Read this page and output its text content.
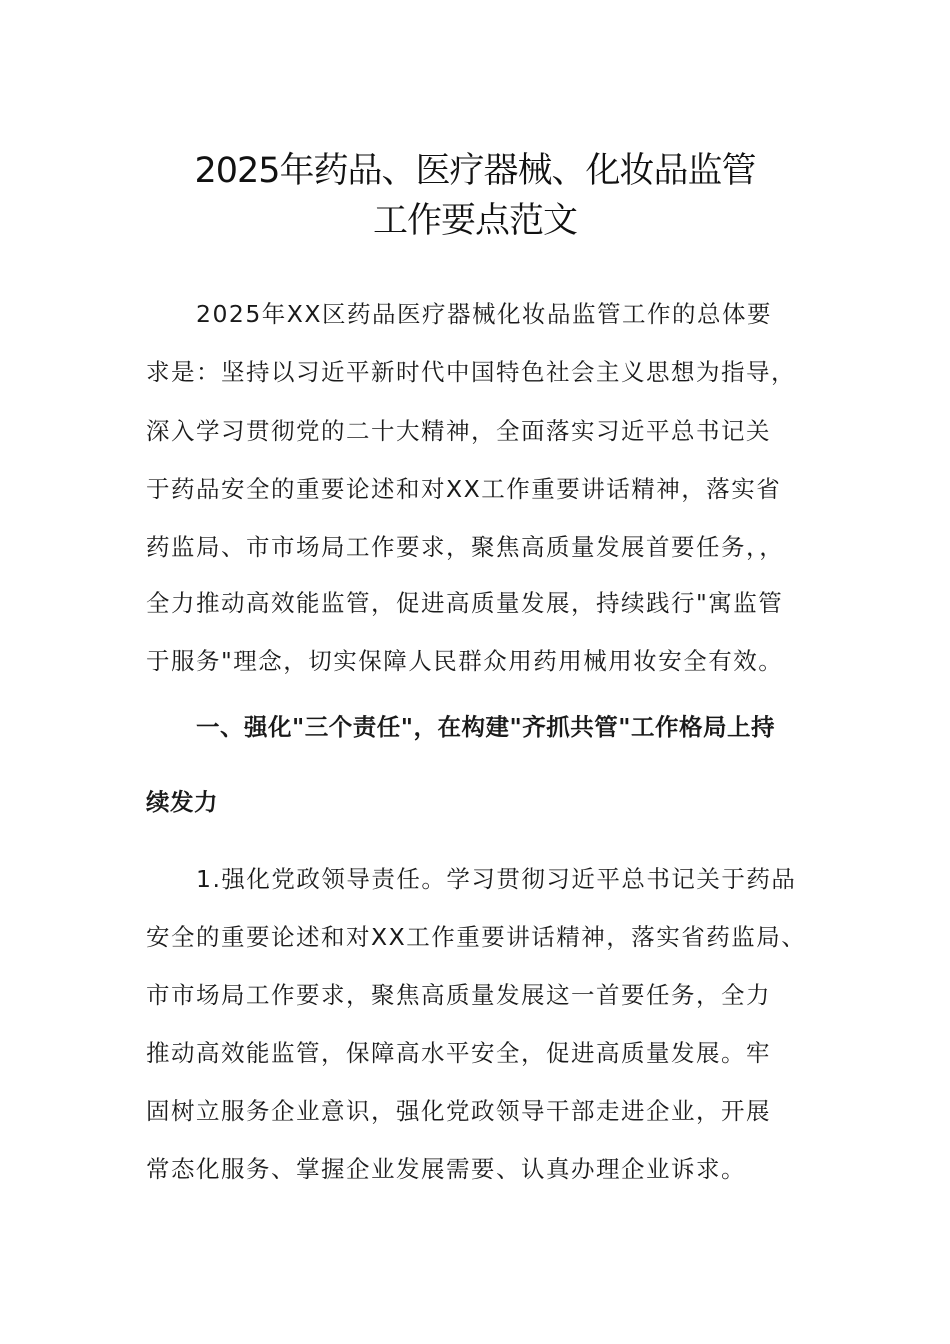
2025年药品、医疗器械、化妆品监管
工作要点范文
2025年XX区药品医疗器械化妆品监管工作的总体要
求是：坚持以习近平新时代中国特色社会主义思想为指导，
深入学习贯彻党的二十大精神，全面落实习近平总书记关
于药品安全的重要论述和对XX工作重要讲话精神，落实省
药监局、市市场局工作要求，聚焦高质量发展首要任务，，
全力推动高效能监管，促进高质量发展，持续践行"寓监管
于服务"理念，切实保障人民群众用药用械用妆安全有效。
一、强化"三个责任"，在构建"齐抓共管"工作格局上持
续发力
1.强化党政领导责任。学习贯彻习近平总书记关于药品
安全的重要论述和对XX工作重要讲话精神，落实省药监局、
市市场局工作要求，聚焦高质量发展这一首要任务，全力
推动高效能监管，保障高水平安全，促进高质量发展。牢
固树立服务企业意识，强化党政领导干部走进企业，开展
常态化服务、掌握企业发展需要、认真办理企业诉求。
